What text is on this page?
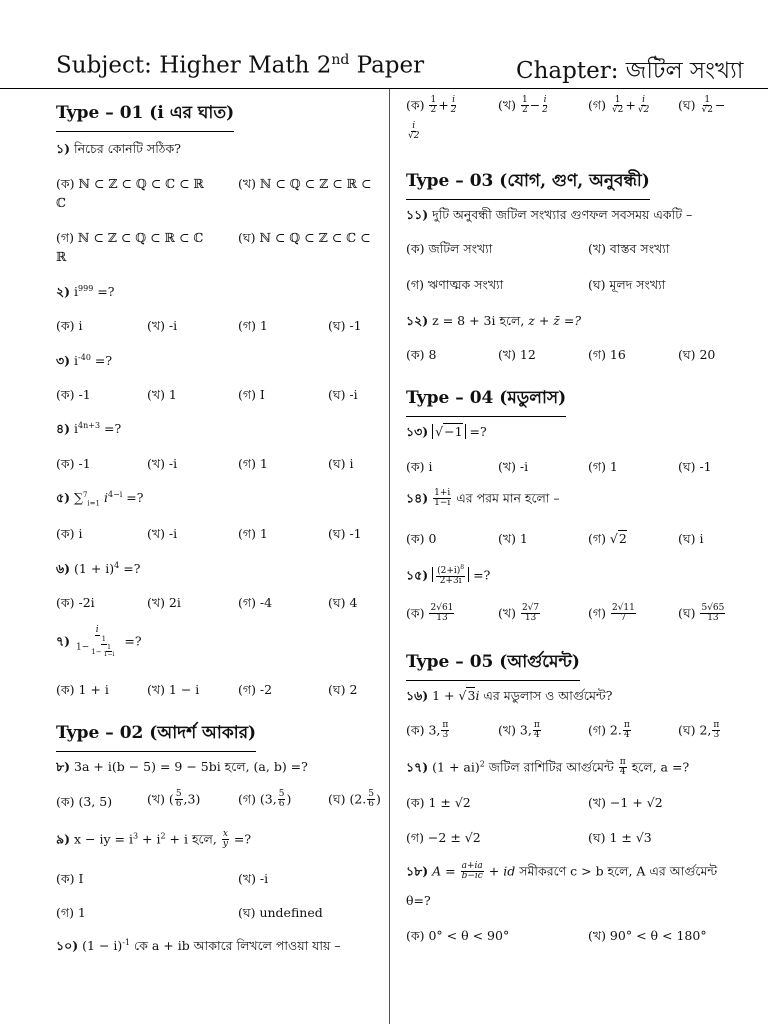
Subject: Higher Math 2nd Paper	Chapter: জটিল সংখ্যা
Type – 01 (i এর ঘাত)
১) নিচের কোনটি সঠিক?
(ক) ℕ ⊂ ℤ ⊂ ℚ ⊂ ℂ ⊂ ℝ	(খ) ℕ ⊂ ℚ ⊂ ℤ ⊂ ℝ ⊂
ℂ
(গ) ℕ ⊂ ℤ ⊂ ℚ ⊂ ℝ ⊂ ℂ	(ঘ) ℕ ⊂ ℚ ⊂ ℤ ⊂ ℂ ⊂
ℝ
২) $i^{999}$ =?
(ক) i	(খ) -i	(গ) 1	(ঘ) -1
৩) $i^{-40}$ =?
(ক) -1	(খ) 1	(গ) I	(ঘ) -i
৪) $i^{4n+3}$ =?
(ক) -1	(খ) -i	(গ) 1	(ঘ) i
৫) ∑$^7_{i=1}$ $i^{4-i}$ =?
(ক) i	(খ) -i	(গ) 1	(ঘ) -1
৬) $(1 + i)^4$ =?
(ক) -2i	(খ) 2i	(গ) -4	(ঘ) 4
৭) $\frac{i}{1- \frac{1}{1- \frac{1}{1-i}}}$ =?
(ক) 1 + i	(খ) 1 − i	(গ) -2	(ঘ) 2
Type – 02 (আদর্শ আকার)
৮) 3a + i(b − 5) = 9 − 5bi হলে, (a, b) =?
(ক) (3, 5)	(খ) ( $\frac{5}{6} ,3$)	(গ) (3, $\frac{5}{6}$ )	(ঘ) (2. $\frac{5}{6}$ )
৯) x − iy = $i^3 + i^2 + i$ হলে, $\frac{x}{y}$ =?
(ক) I	(খ) -i
(গ) 1	(ঘ) undefined
১০) $(1 - i)^{-1}$ কে a + ib আকারে লিখলে পাওয়া যায় –
(ক) $\frac{1}{2} + \frac{i}{2}$	(খ) $\frac{1}{2} - \frac{i}{2}$	(গ) $\frac{1}{√2} + \frac{i}{√2}$ (ঘ) $\frac{1}{√2}$ −
$\frac{i}{√2}$
Type – 03 (যোগ, গুণ, অনুবন্ধী)
১১) দুটি অনুবন্ধী জটিল সংখ্যার গুণফল সবসময় একটি –
(ক) জটিল সংখ্যা	(খ) বাস্তব সংখ্যা
(গ) ঋণাত্মক সংখ্যা	(ঘ) মূলদ সংখ্যা
১২) z = 8 + 3i হলে, z + z̄ =?
(ক) 8	(খ) 12	(গ) 16	(ঘ) 20
Type – 04 (মডুলাস)
১৩) √−1 =?
(ক) i	(খ) -i	(গ) 1	(ঘ) -1
১৪) $\frac{1+i}{1-i}$ এর পরম মান হলো –
(ক) 0	(খ) 1	(গ) √2	(ঘ) i
১৫) $\frac{(2+i)^8}{2+3i}$ =?
(ক) $\frac{2√61}{13}$	(খ) $\frac{2√7}{13}$	(গ) $\frac{2√11}{7}$	(ঘ) $\frac{5√65}{13}$
Type – 05 (আর্গুমেন্ট)
১৬) 1 + √3i এর মডুলাস ও আর্গুমেন্ট?
(ক) 3, $\frac{\pi}{3}$	(খ) 3, $\frac{\pi}{4}$	(গ) 2. $\frac{\pi}{4}$	(ঘ) 2, $\frac{\pi}{3}$
১৭) (1 + ai)$^2$ জটিল রাশিটির আর্গুমেন্ট $\frac{\pi}{4}$ হলে, a =?
(ক) 1 ± √2	(খ) −1 + √2
(গ) −2 ± √2	(ঘ) 1 ± √3
১৮) $A = \frac{a+ia}{b-ic}$ + id সমীকরণে c > b হলে, A এর আর্গুমেন্ট
θ=?
(ক) 0° < θ < 90°	(খ) 90° < θ < 180°
